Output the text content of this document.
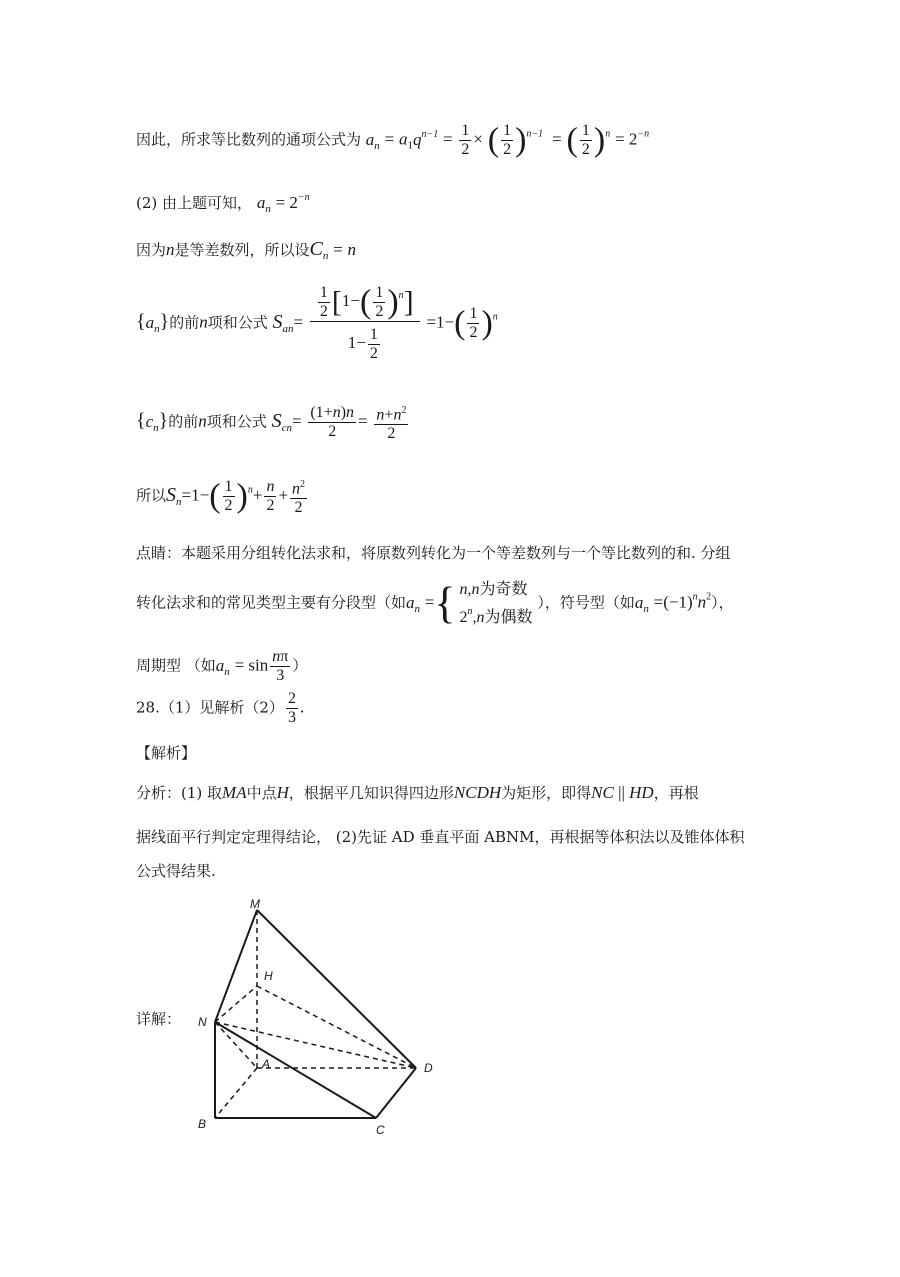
因此，所求等比数列的通项公式为 $a_n = a_1q^{n-1} = \frac{1}{2}$ × ( $\frac{1}{2} )^{n-1}$  = ( $\frac{1}{2} )^n = 2^{-n}$
(2) 由上题可知， $a_n = 2^{-n}$
因为n是等差数列，所以设$C_n = n$
$\{a_n\}$的前n项和公式 $S_{an}= \frac{\frac{1}{2} [1-( \frac{1}{2} )^n]}{1- \frac{1}{2}} =1-( \frac{1}{2} )^n$
$\{c_n\}$的前n项和公式 $S_{cn}= \frac{(1+n)n}{2} = \frac{n+n^2}{2}$
所以$S_n=1-( \frac{1}{2} )^n+ \frac{n}{2} + \frac{n^2}{2}$
点睛：本题采用分组转化法求和，将原数列转化为一个等差数列与一个等比数列的和. 分组
转化法求和的常见类型主要有分段型（如$a_n$ ={ n,n为奇数
2$^n$,n为偶数
），符号型（如$a_n =(-1)^nn^2$），
周期型 （如$a_n = \sin \frac{n\pi}{3}$ ）
28.（1）见解析$(2) \frac{2}{3}$ .
【解析】
分析：(1) 取MA中点H，根据平几知识得四边形NCDH为矩形，即得NC || HD，再根
据线面平行判定定理得结论， (2)先证 AD 垂直平面 ABNM，再根据等体积法以及锥体体积
公式得结果.
详解：
M
H
N
A	D
B	C
